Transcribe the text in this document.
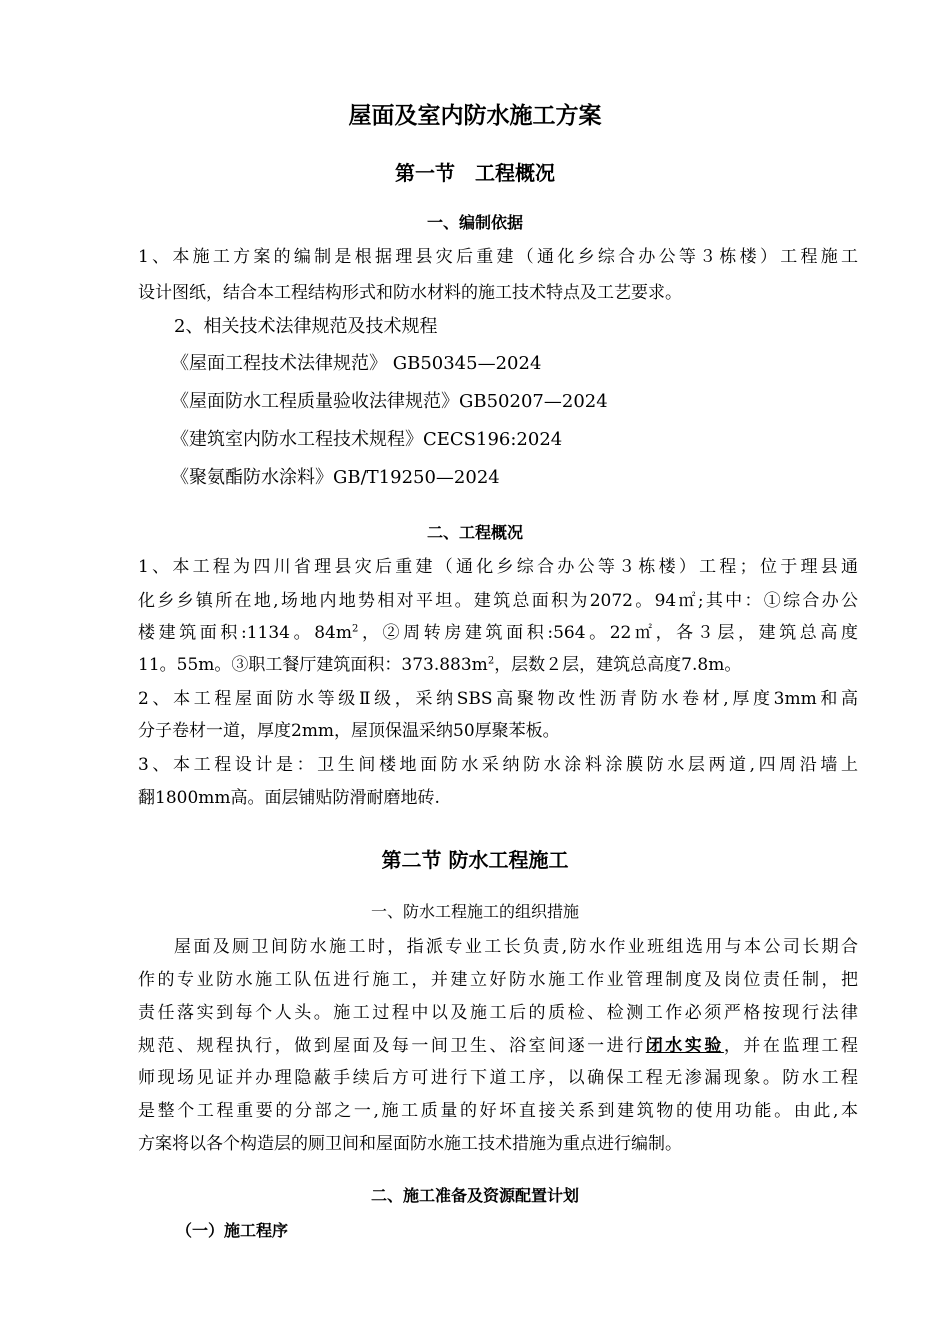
屋面及室内防水施工方案
第一节　工程概况
一、编制依据
1、本施工方案的编制是根据理县灾后重建（通化乡综合办公等３栋楼）工程施工
设计图纸，结合本工程结构形式和防水材料的施工技术特点及工艺要求。
2、相关技术法律规范及技术规程
《屋面工程技术法律规范》 GB50345—2024
《屋面防水工程质量验收法律规范》GB50207—2024
《建筑室内防水工程技术规程》CECS196:2024
《聚氨酯防水涂料》GB/T19250—2024
二、工程概况
1、本工程为四川省理县灾后重建（通化乡综合办公等３栋楼）工程；位于理县通
化乡乡镇所在地,场地内地势相对平坦。建筑总面积为2072。94㎡;其中：①综合办公
楼建筑面积:1134。$84m^2$，②周转房建筑面积:564。22㎡，各３层，建筑总高度
11。55m。③职工餐厅建筑面积：$373.883m^2$，层数２层，建筑总高度7.8m。
2、本工程屋面防水等级Ⅱ级，采纳SBS高聚物改性沥青防水卷材,厚度3mm和高
分子卷材一道，厚度2mm，屋顶保温采纳50厚聚苯板。
3、本工程设计是：卫生间楼地面防水采纳防水涂料涂膜防水层两道,四周沿墙上
翻1800mm高。面层铺贴防滑耐磨地砖.
第二节 防水工程施工
一、防水工程施工的组织措施
屋面及厕卫间防水施工时，指派专业工长负责,防水作业班组选用与本公司长期合
作的专业防水施工队伍进行施工，并建立好防水施工作业管理制度及岗位责任制，把
责任落实到每个人头。施工过程中以及施工后的质检、检测工作必须严格按现行法律
规范、规程执行，做到屋面及每一间卫生、浴室间逐一进行闭水实验，并在监理工程
师现场见证并办理隐蔽手续后方可进行下道工序，以确保工程无渗漏现象。防水工程
是整个工程重要的分部之一,施工质量的好坏直接关系到建筑物的使用功能。由此,本
方案将以各个构造层的厕卫间和屋面防水施工技术措施为重点进行编制。
二、施工准备及资源配置计划
（一）施工程序
